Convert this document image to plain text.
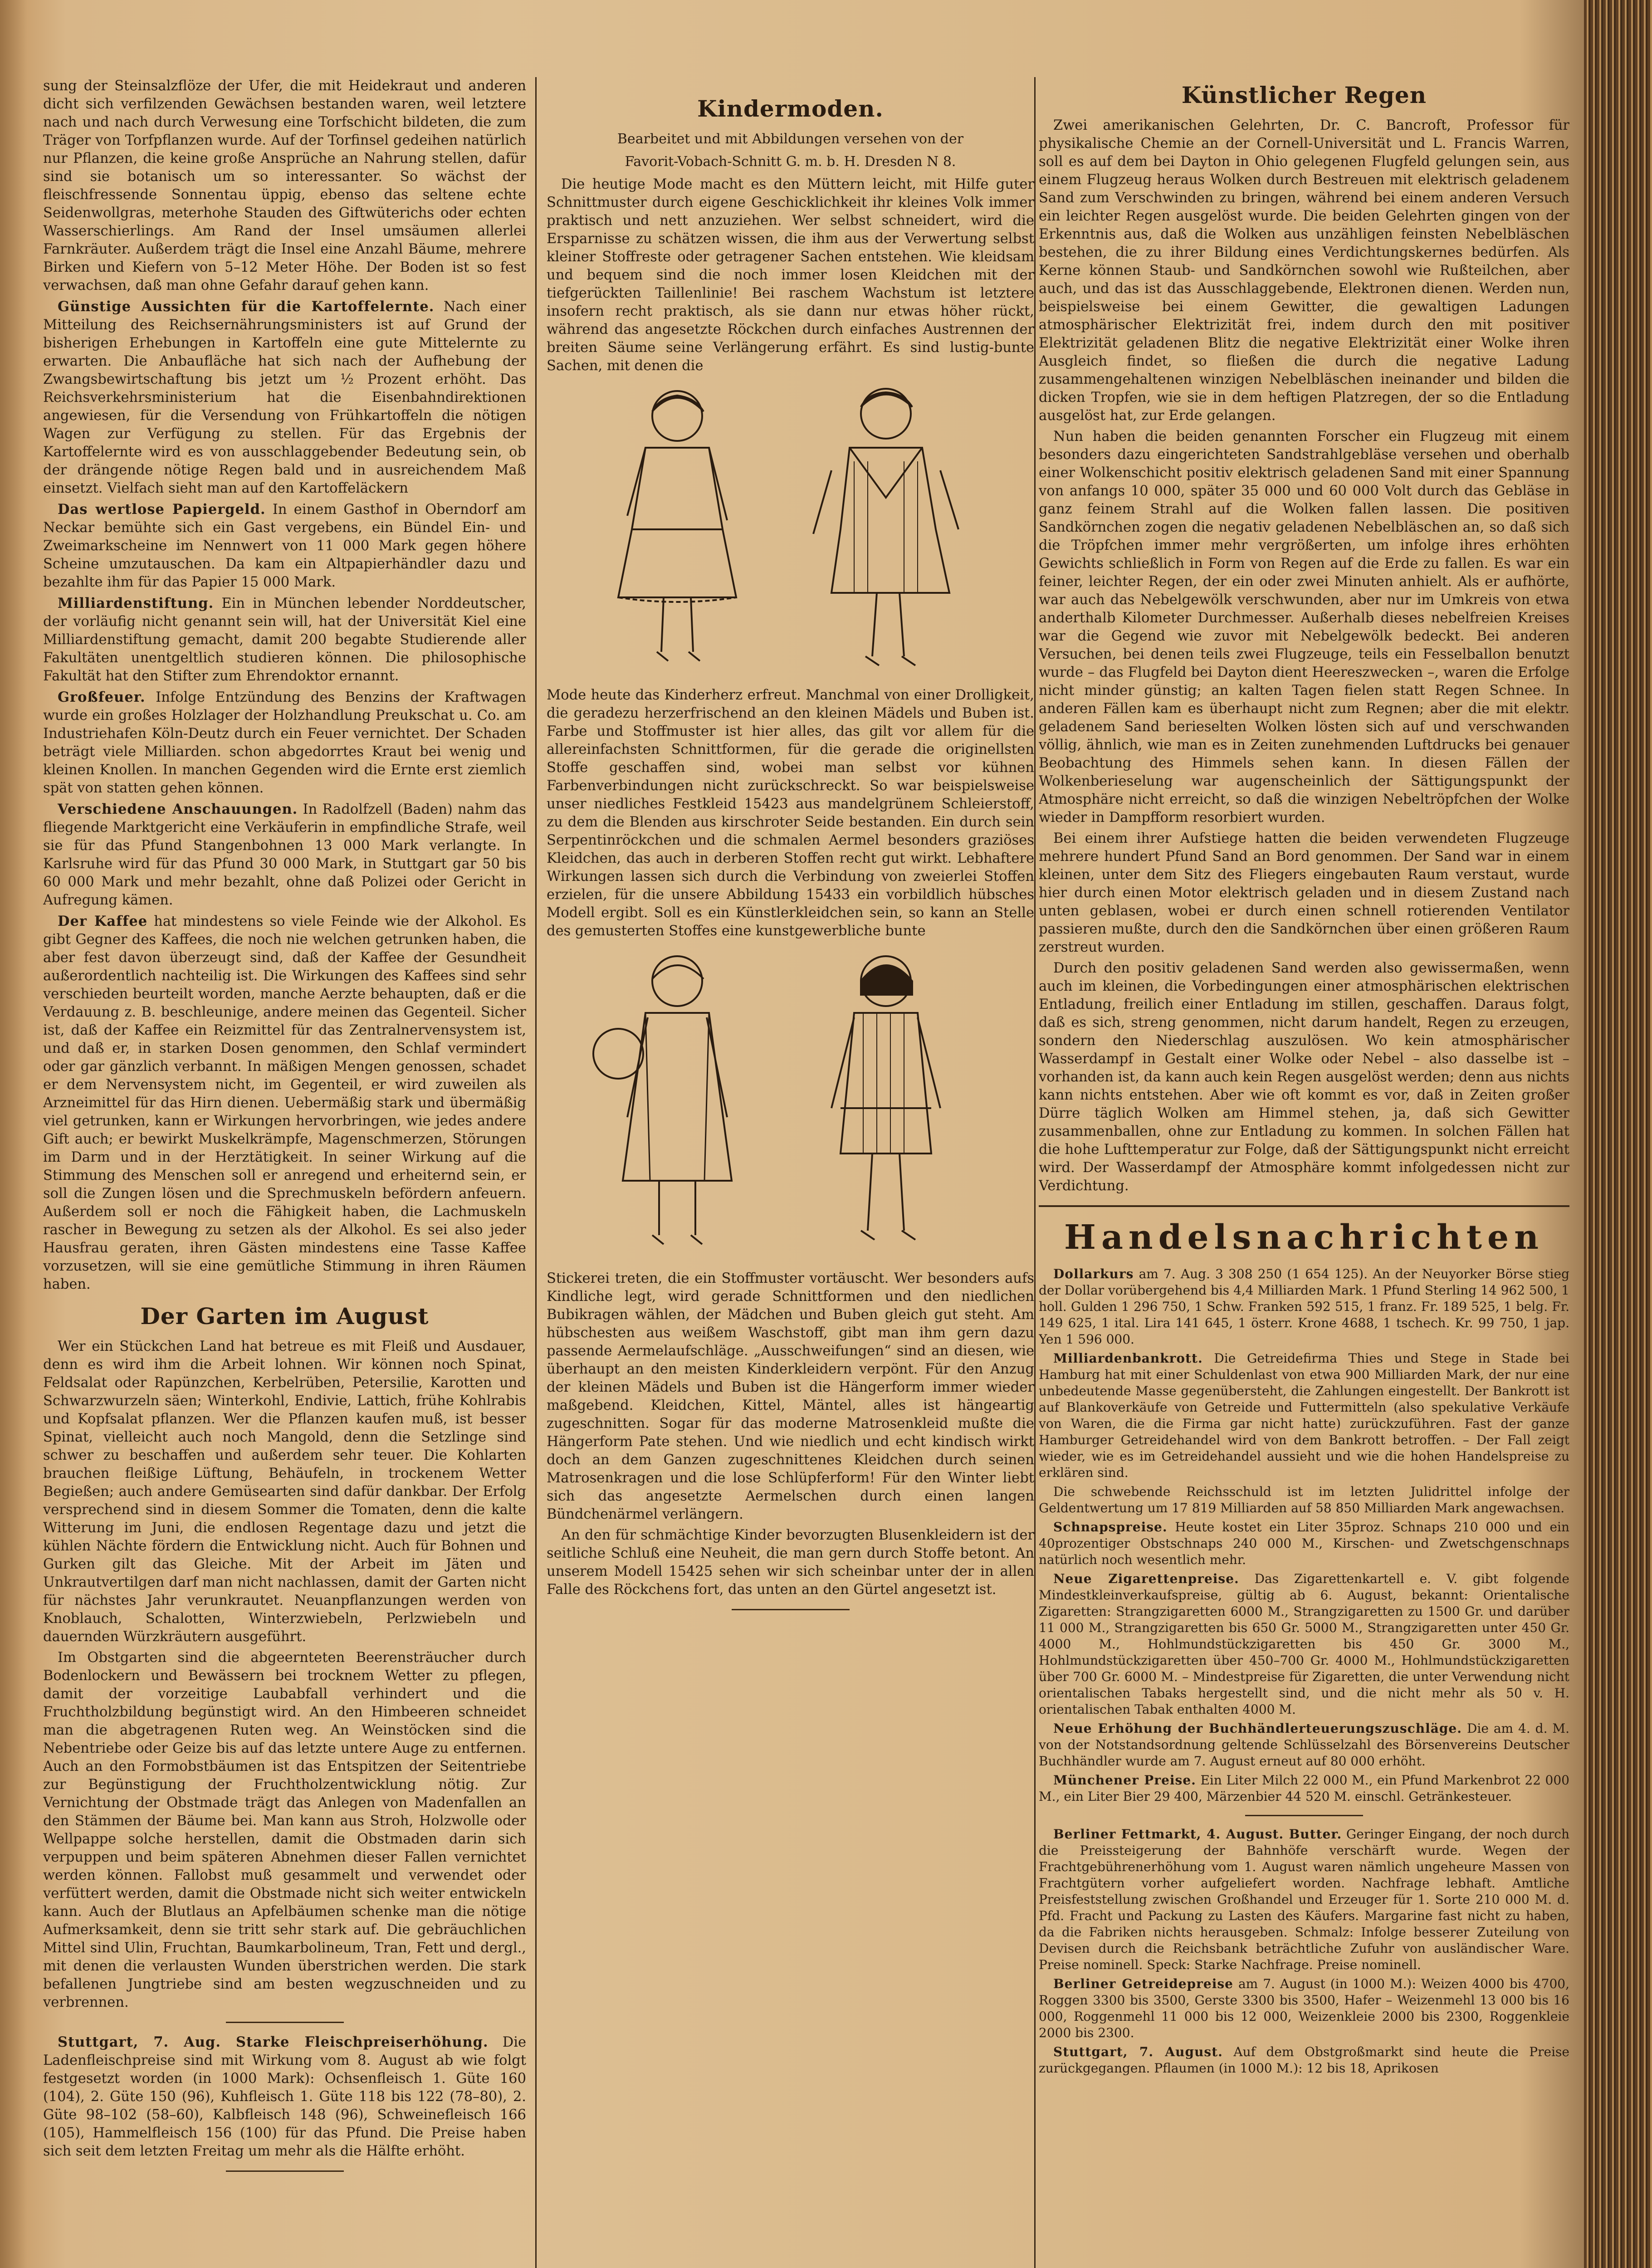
sung der Steinsalzflöze der Ufer, die mit Heidekraut und anderen dicht sich verfilzenden Gewächsen bestanden waren, weil letztere nach und nach durch Verwesung eine Torfschicht bildeten, die zum Träger von Torfpflanzen wurde. Auf der Torfinsel gedeihen natürlich nur Pflanzen, die keine große Ansprüche an Nahrung stellen, dafür sind sie botanisch um so interessanter. So wächst der fleischfressende Sonnentau üppig, ebenso das seltene echte Seidenwollgras, meterhohe Stauden des Giftwüterichs oder echten Wasserschierlings. Am Rand der Insel umsäumen allerlei Farnkräuter. Außerdem trägt die Insel eine Anzahl Bäume, mehrere Birken und Kiefern von 5–12 Meter Höhe. Der Boden ist so fest verwachsen, daß man ohne Gefahr darauf gehen kann.

Günstige Aussichten für die Kartoffelernte. Nach einer Mitteilung des Reichsernährungsministers ist auf Grund der bisherigen Erhebungen in Kartoffeln eine gute Mittelernte zu erwarten. Die Anbaufläche hat sich nach der Aufhebung der Zwangsbewirtschaftung bis jetzt um ½ Prozent erhöht. Das Reichsverkehrsministerium hat die Eisenbahndirektionen angewiesen, für die Versendung von Frühkartoffeln die nötigen Wagen zur Verfügung zu stellen. Für das Ergebnis der Kartoffelernte wird es von ausschlaggebender Bedeutung sein, ob der drängende nötige Regen bald und in ausreichendem Maß einsetzt. Vielfach sieht man auf den Kartoffeläckern

Das wertlose Papiergeld. In einem Gasthof in Oberndorf am Neckar bemühte sich ein Gast vergebens, ein Bündel Ein- und Zweimarkscheine im Nennwert von 11 000 Mark gegen höhere Scheine umzutauschen. Da kam ein Altpapierhändler dazu und bezahlte ihm für das Papier 15 000 Mark.

Milliardenstiftung. Ein in München lebender Norddeutscher, der vorläufig nicht genannt sein will, hat der Universität Kiel eine Milliardenstiftung gemacht, damit 200 begabte Studierende aller Fakultäten unentgeltlich studieren können. Die philosophische Fakultät hat den Stifter zum Ehrendoktor ernannt.

Großfeuer. Infolge Entzündung des Benzins der Kraftwagen wurde ein großes Holzlager der Holzhandlung Preukschat u. Co. am Industriehafen Köln-Deutz durch ein Feuer vernichtet. Der Schaden beträgt viele Milliarden. schon abgedorrtes Kraut bei wenig und kleinen Knollen. In manchen Gegenden wird die Ernte erst ziemlich spät von statten gehen können.

Verschiedene Anschauungen. In Radolfzell (Baden) nahm das fliegende Marktgericht eine Verkäuferin in empfindliche Strafe, weil sie für das Pfund Stangenbohnen 13 000 Mark verlangte. In Karlsruhe wird für das Pfund 30 000 Mark, in Stuttgart gar 50 bis 60 000 Mark und mehr bezahlt, ohne daß Polizei oder Gericht in Aufregung kämen.

Der Kaffee hat mindestens so viele Feinde wie der Alkohol. Es gibt Gegner des Kaffees, die noch nie welchen getrunken haben, die aber fest davon überzeugt sind, daß der Kaffee der Gesundheit außerordentlich nachteilig ist. Die Wirkungen des Kaffees sind sehr verschieden beurteilt worden, manche Aerzte behaupten, daß er die Verdauung z. B. beschleunige, andere meinen das Gegenteil. Sicher ist, daß der Kaffee ein Reizmittel für das Zentralnervensystem ist, und daß er, in starken Dosen genommen, den Schlaf vermindert oder gar gänzlich verbannt. In mäßigen Mengen genossen, schadet er dem Nervensystem nicht, im Gegenteil, er wird zuweilen als Arzneimittel für das Hirn dienen. Uebermäßig stark und übermäßig viel getrunken, kann er Wirkungen hervorbringen, wie jedes andere Gift auch; er bewirkt Muskelkrämpfe, Magenschmerzen, Störungen im Darm und in der Herztätigkeit. In seiner Wirkung auf die Stimmung des Menschen soll er anregend und erheiternd sein, er soll die Zungen lösen und die Sprechmuskeln befördern anfeuern. Außerdem soll er noch die Fähigkeit haben, die Lachmuskeln rascher in Bewegung zu setzen als der Alkohol. Es sei also jeder Hausfrau geraten, ihren Gästen mindestens eine Tasse Kaffee vorzusetzen, will sie eine gemütliche Stimmung in ihren Räumen haben.

Der Garten im August

Wer ein Stückchen Land hat betreue es mit Fleiß und Ausdauer, denn es wird ihm die Arbeit lohnen. Wir können noch Spinat, Feldsalat oder Rapünzchen, Kerbelrüben, Petersilie, Karotten und Schwarzwurzeln säen; Winterkohl, Endivie, Lattich, frühe Kohlrabis und Kopfsalat pflanzen. Wer die Pflanzen kaufen muß, ist besser Spinat, vielleicht auch noch Mangold, denn die Setzlinge sind schwer zu beschaffen und außerdem sehr teuer. Die Kohlarten brauchen fleißige Lüftung, Behäufeln, in trockenem Wetter Begießen; auch andere Gemüsearten sind dafür dankbar. Der Erfolg versprechend sind in diesem Sommer die Tomaten, denn die kalte Witterung im Juni, die endlosen Regentage dazu und jetzt die kühlen Nächte fördern die Entwicklung nicht. Auch für Bohnen und Gurken gilt das Gleiche. Mit der Arbeit im Jäten und Unkrautvertilgen darf man nicht nachlassen, damit der Garten nicht für nächstes Jahr verunkrautet. Neuanpflanzungen werden von Knoblauch, Schalotten, Winterzwiebeln, Perlzwiebeln und dauernden Würzkräutern ausgeführt.

Im Obstgarten sind die abgeernteten Beerensträucher durch Bodenlockern und Bewässern bei trocknem Wetter zu pflegen, damit der vorzeitige Laubabfall verhindert und die Fruchtholzbildung begünstigt wird. An den Himbeeren schneidet man die abgetragenen Ruten weg. An Weinstöcken sind die Nebentriebe oder Geize bis auf das letzte untere Auge zu entfernen. Auch an den Formobstbäumen ist das Entspitzen der Seitentriebe zur Begünstigung der Fruchtholzentwicklung nötig. Zur Vernichtung der Obstmade trägt das Anlegen von Madenfallen an den Stämmen der Bäume bei. Man kann aus Stroh, Holzwolle oder Wellpappe solche herstellen, damit die Obstmaden darin sich verpuppen und beim späteren Abnehmen dieser Fallen vernichtet werden können. Fallobst muß gesammelt und verwendet oder verfüttert werden, damit die Obstmade nicht sich weiter entwickeln kann. Auch der Blutlaus an Apfelbäumen schenke man die nötige Aufmerksamkeit, denn sie tritt sehr stark auf. Die gebräuchlichen Mittel sind Ulin, Fruchtan, Baumkarbolineum, Tran, Fett und dergl., mit denen die verlausten Wunden überstrichen werden. Die stark befallenen Jungtriebe sind am besten wegzuschneiden und zu verbrennen.

Stuttgart, 7. Aug. Starke Fleischpreiserhöhung. Die Ladenfleischpreise sind mit Wirkung vom 8. August ab wie folgt festgesetzt worden (in 1000 Mark): Ochsenfleisch 1. Güte 160 (104), 2. Güte 150 (96), Kuhfleisch 1. Güte 118 bis 122 (78–80), 2. Güte 98–102 (58–60), Kalbfleisch 148 (96), Schweinefleisch 166 (105), Hammelfleisch 156 (100) für das Pfund. Die Preise haben sich seit dem letzten Freitag um mehr als die Hälfte erhöht.

Kindermoden.
Bearbeitet und mit Abbildungen versehen von der
Favorit-Vobach-Schnitt G. m. b. H. Dresden N 8.

Die heutige Mode macht es den Müttern leicht, mit Hilfe guter Schnittmuster durch eigene Geschicklichkeit ihr kleines Volk immer praktisch und nett anzuziehen. Wer selbst schneidert, wird die Ersparnisse zu schätzen wissen, die ihm aus der Verwertung selbst kleiner Stoffreste oder getragener Sachen entstehen. Wie kleidsam und bequem sind die noch immer losen Kleidchen mit der tiefgerückten Taillenlinie! Bei raschem Wachstum ist letztere insofern recht praktisch, als sie dann nur etwas höher rückt, während das angesetzte Röckchen durch einfaches Austrennen der breiten Säume seine Verlängerung erfährt. Es sind lustig-bunte Sachen, mit denen die

Mode heute das Kinderherz erfreut. Manchmal von einer Drolligkeit, die geradezu herzerfrischend an den kleinen Mädels und Buben ist. Farbe und Stoffmuster ist hier alles, das gilt vor allem für die allereinfachsten Schnittformen, für die gerade die originellsten Stoffe geschaffen sind, wobei man selbst vor kühnen Farbenverbindungen nicht zurückschreckt. So war beispielsweise unser niedliches Festkleid 15423 aus mandelgrünem Schleierstoff, zu dem die Blenden aus kirschroter Seide bestanden. Ein durch sein Serpentinröckchen und die schmalen Aermel besonders graziöses Kleidchen, das auch in derberen Stoffen recht gut wirkt. Lebhaftere Wirkungen lassen sich durch die Verbindung von zweierlei Stoffen erzielen, für die unsere Abbildung 15433 ein vorbildlich hübsches Modell ergibt. Soll es ein Künstlerkleidchen sein, so kann an Stelle des gemusterten Stoffes eine kunstgewerbliche bunte

Stickerei treten, die ein Stoffmuster vortäuscht. Wer besonders aufs Kindliche legt, wird gerade Schnittformen und den niedlichen Bubikragen wählen, der Mädchen und Buben gleich gut steht. Am hübschesten aus weißem Waschstoff, gibt man ihm gern dazu passende Aermelaufschläge. „Ausschweifungen“ sind an diesen, wie überhaupt an den meisten Kinderkleidern verpönt. Für den Anzug der kleinen Mädels und Buben ist die Hängerform immer wieder maßgebend. Kleidchen, Kittel, Mäntel, alles ist hängeartig zugeschnitten. Sogar für das moderne Matrosenkleid mußte die Hängerform Pate stehen. Und wie niedlich und echt kindisch wirkt doch an dem Ganzen zugeschnittenes Kleidchen durch seinen Matrosenkragen und die lose Schlüpferform! Für den Winter liebt sich das angesetzte Aermelschen durch einen langen Bündchenärmel verlängern.

An den für schmächtige Kinder bevorzugten Blusenkleidern ist der seitliche Schluß eine Neuheit, die man gern durch Stoffe betont. An unserem Modell 15425 sehen wir sich scheinbar unter der in allen Falle des Röckchens fort, das unten an den Gürtel angesetzt ist.

Künstlicher Regen

Zwei amerikanischen Gelehrten, Dr. C. Bancroft, Professor für physikalische Chemie an der Cornell-Universität und L. Francis Warren, soll es auf dem bei Dayton in Ohio gelegenen Flugfeld gelungen sein, aus einem Flugzeug heraus Wolken durch Bestreuen mit elektrisch geladenem Sand zum Verschwinden zu bringen, während bei einem anderen Versuch ein leichter Regen ausgelöst wurde. Die beiden Gelehrten gingen von der Erkenntnis aus, daß die Wolken aus unzähligen feinsten Nebelbläschen bestehen, die zu ihrer Bildung eines Verdichtungskernes bedürfen. Als Kerne können Staub- und Sandkörnchen sowohl wie Rußteilchen, aber auch, und das ist das Ausschlaggebende, Elektronen dienen. Werden nun, beispielsweise bei einem Gewitter, die gewaltigen Ladungen atmosphärischer Elektrizität frei, indem durch den mit positiver Elektrizität geladenen Blitz die negative Elektrizität einer Wolke ihren Ausgleich findet, so fließen die durch die negative Ladung zusammengehaltenen winzigen Nebelbläschen ineinander und bilden die dicken Tropfen, wie sie in dem heftigen Platzregen, der so die Entladung ausgelöst hat, zur Erde gelangen.

Nun haben die beiden genannten Forscher ein Flugzeug mit einem besonders dazu eingerichteten Sandstrahlgebläse versehen und oberhalb einer Wolkenschicht positiv elektrisch geladenen Sand mit einer Spannung von anfangs 10 000, später 35 000 und 60 000 Volt durch das Gebläse in ganz feinem Strahl auf die Wolken fallen lassen. Die positiven Sandkörnchen zogen die negativ geladenen Nebelbläschen an, so daß sich die Tröpfchen immer mehr vergrößerten, um infolge ihres erhöhten Gewichts schließlich in Form von Regen auf die Erde zu fallen. Es war ein feiner, leichter Regen, der ein oder zwei Minuten anhielt. Als er aufhörte, war auch das Nebelgewölk verschwunden, aber nur im Umkreis von etwa anderthalb Kilometer Durchmesser. Außerhalb dieses nebelfreien Kreises war die Gegend wie zuvor mit Nebelgewölk bedeckt. Bei anderen Versuchen, bei denen teils zwei Flugzeuge, teils ein Fesselballon benutzt wurde – das Flugfeld bei Dayton dient Heereszwecken –, waren die Erfolge nicht minder günstig; an kalten Tagen fielen statt Regen Schnee. In anderen Fällen kam es überhaupt nicht zum Regnen; aber die mit elektr. geladenem Sand berieselten Wolken lösten sich auf und verschwanden völlig, ähnlich, wie man es in Zeiten zunehmenden Luftdrucks bei genauer Beobachtung des Himmels sehen kann. In diesen Fällen der Wolkenberieselung war augenscheinlich der Sättigungspunkt der Atmosphäre nicht erreicht, so daß die winzigen Nebeltröpfchen der Wolke wieder in Dampfform resorbiert wurden.

Bei einem ihrer Aufstiege hatten die beiden verwendeten Flugzeuge mehrere hundert Pfund Sand an Bord genommen. Der Sand war in einem kleinen, unter dem Sitz des Fliegers eingebauten Raum verstaut, wurde hier durch einen Motor elektrisch geladen und in diesem Zustand nach unten geblasen, wobei er durch einen schnell rotierenden Ventilator passieren mußte, durch den die Sandkörnchen über einen größeren Raum zerstreut wurden.

Durch den positiv geladenen Sand werden also gewissermaßen, wenn auch im kleinen, die Vorbedingungen einer atmosphärischen elektrischen Entladung, freilich einer Entladung im stillen, geschaffen. Daraus folgt, daß es sich, streng genommen, nicht darum handelt, Regen zu erzeugen, sondern den Niederschlag auszulösen. Wo kein atmosphärischer Wasserdampf in Gestalt einer Wolke oder Nebel – also dasselbe ist – vorhanden ist, da kann auch kein Regen ausgelöst werden; denn aus nichts kann nichts entstehen. Aber wie oft kommt es vor, daß in Zeiten großer Dürre täglich Wolken am Himmel stehen, ja, daß sich Gewitter zusammenballen, ohne zur Entladung zu kommen. In solchen Fällen hat die hohe Lufttemperatur zur Folge, daß der Sättigungspunkt nicht erreicht wird. Der Wasserdampf der Atmosphäre kommt infolgedessen nicht zur Verdichtung.

Handelsnachrichten

Dollarkurs am 7. Aug. 3 308 250 (1 654 125). An der Neuyorker Börse stieg der Dollar vorübergehend bis 4,4 Milliarden Mark. 1 Pfund Sterling 14 962 500, 1 holl. Gulden 1 296 750, 1 Schw. Franken 592 515, 1 franz. Fr. 189 525, 1 belg. Fr. 149 625, 1 ital. Lira 141 645, 1 österr. Krone 4688, 1 tschech. Kr. 99 750, 1 jap. Yen 1 596 000.

Milliardenbankrott. Die Getreidefirma Thies und Stege in Stade bei Hamburg hat mit einer Schuldenlast von etwa 900 Milliarden Mark, der nur eine unbedeutende Masse gegenübersteht, die Zahlungen eingestellt. Der Bankrott ist auf Blankoverkäufe von Getreide und Futtermitteln (also spekulative Verkäufe von Waren, die die Firma gar nicht hatte) zurückzuführen. Fast der ganze Hamburger Getreidehandel wird von dem Bankrott betroffen. – Der Fall zeigt wieder, wie es im Getreidehandel aussieht und wie die hohen Handelspreise zu erklären sind.

Die schwebende Reichsschuld ist im letzten Julidrittel infolge der Geldentwertung um 17 819 Milliarden auf 58 850 Milliarden Mark angewachsen.

Schnapspreise. Heute kostet ein Liter 35proz. Schnaps 210 000 und ein 40prozentiger Obstschnaps 240 000 M., Kirschen- und Zwetschgenschnaps natürlich noch wesentlich mehr.

Neue Zigarettenpreise. Das Zigarettenkartell e. V. gibt folgende Mindestkleinverkaufspreise, gültig ab 6. August, bekannt: Orientalische Zigaretten: Strangzigaretten 6000 M., Strangzigaretten zu 1500 Gr. und darüber 11 000 M., Strangzigaretten bis 650 Gr. 5000 M., Strangzigaretten unter 450 Gr. 4000 M., Hohlmundstückzigaretten bis 450 Gr. 3000 M., Hohlmundstückzigaretten über 450–700 Gr. 4000 M., Hohlmundstückzigaretten über 700 Gr. 6000 M. – Mindestpreise für Zigaretten, die unter Verwendung nicht orientalischen Tabaks hergestellt sind, und die nicht mehr als 50 v. H. orientalischen Tabak enthalten 4000 M.

Neue Erhöhung der Buchhändlerteuerungszuschläge. Die am 4. d. M. von der Notstandsordnung geltende Schlüsselzahl des Börsenvereins Deutscher Buchhändler wurde am 7. August erneut auf 80 000 erhöht.

Münchener Preise. Ein Liter Milch 22 000 M., ein Pfund Markenbrot 22 000 M., ein Liter Bier 29 400, Märzenbier 44 520 M. einschl. Getränkesteuer.

Berliner Fettmarkt, 4. August. Butter. Geringer Eingang, der noch durch die Preissteigerung der Bahnhöfe verschärft wurde. Wegen der Frachtgebührenerhöhung vom 1. August waren nämlich ungeheure Massen von Frachtgütern vorher aufgeliefert worden. Nachfrage lebhaft. Amtliche Preisfeststellung zwischen Großhandel und Erzeuger für 1. Sorte 210 000 M. d. Pfd. Fracht und Packung zu Lasten des Käufers. Margarine fast nicht zu haben, da die Fabriken nichts herausgeben. Schmalz: Infolge besserer Zuteilung von Devisen durch die Reichsbank beträchtliche Zufuhr von ausländischer Ware. Preise nominell. Speck: Starke Nachfrage. Preise nominell.

Berliner Getreidepreise am 7. August (in 1000 M.): Weizen 4000 bis 4700, Roggen 3300 bis 3500, Gerste 3300 bis 3500, Hafer – Weizenmehl 13 000 bis 16 000, Roggenmehl 11 000 bis 12 000, Weizenkleie 2000 bis 2300, Roggenkleie 2000 bis 2300.

Stuttgart, 7. August. Auf dem Obstgroßmarkt sind heute die Preise zurückgegangen. Pflaumen (in 1000 M.): 12 bis 18, Aprikosen
